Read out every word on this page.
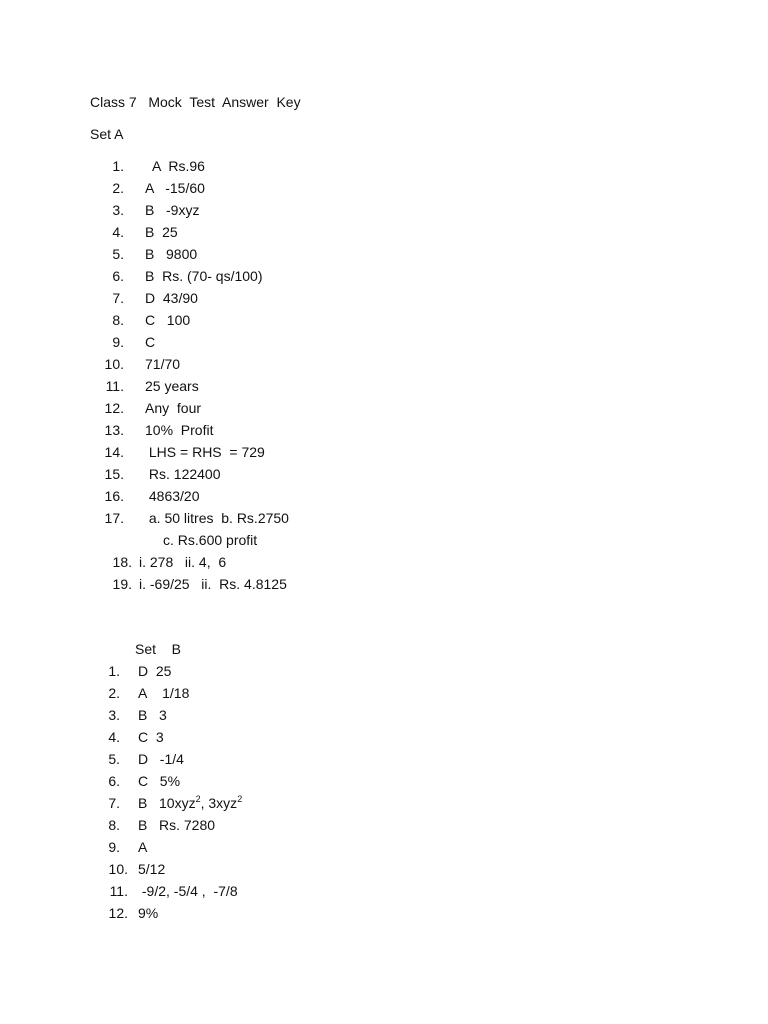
Class 7   Mock  Test  Answer  Key
Set A
1. A  Rs.96
2. A   -15/60
3. B   -9xyz
4. B  25
5. B   9800
6. B  Rs. (70- qs/100)
7. D  43/90
8. C   100
9. C
10. 71/70
11. 25 years
12. Any  four
13. 10%  Profit
14. LHS = RHS  = 729
15. Rs. 122400
16. 4863/20
17. a. 50 litres  b. Rs.2750
c. Rs.600 profit
18. i. 278   ii. 4,  6
19. i. -69/25   ii.  Rs. 4.8125
Set    B
1. D  25
2. A    1/18
3. B   3
4. C  3
5. D   -1/4
6. C   5%
7. B   10xyz$^2$, 3xyz$^2$
8. B   Rs. 7280
9. A
10. 5/12
11. -9/2, -5/4 ,  -7/8
12. 9%
